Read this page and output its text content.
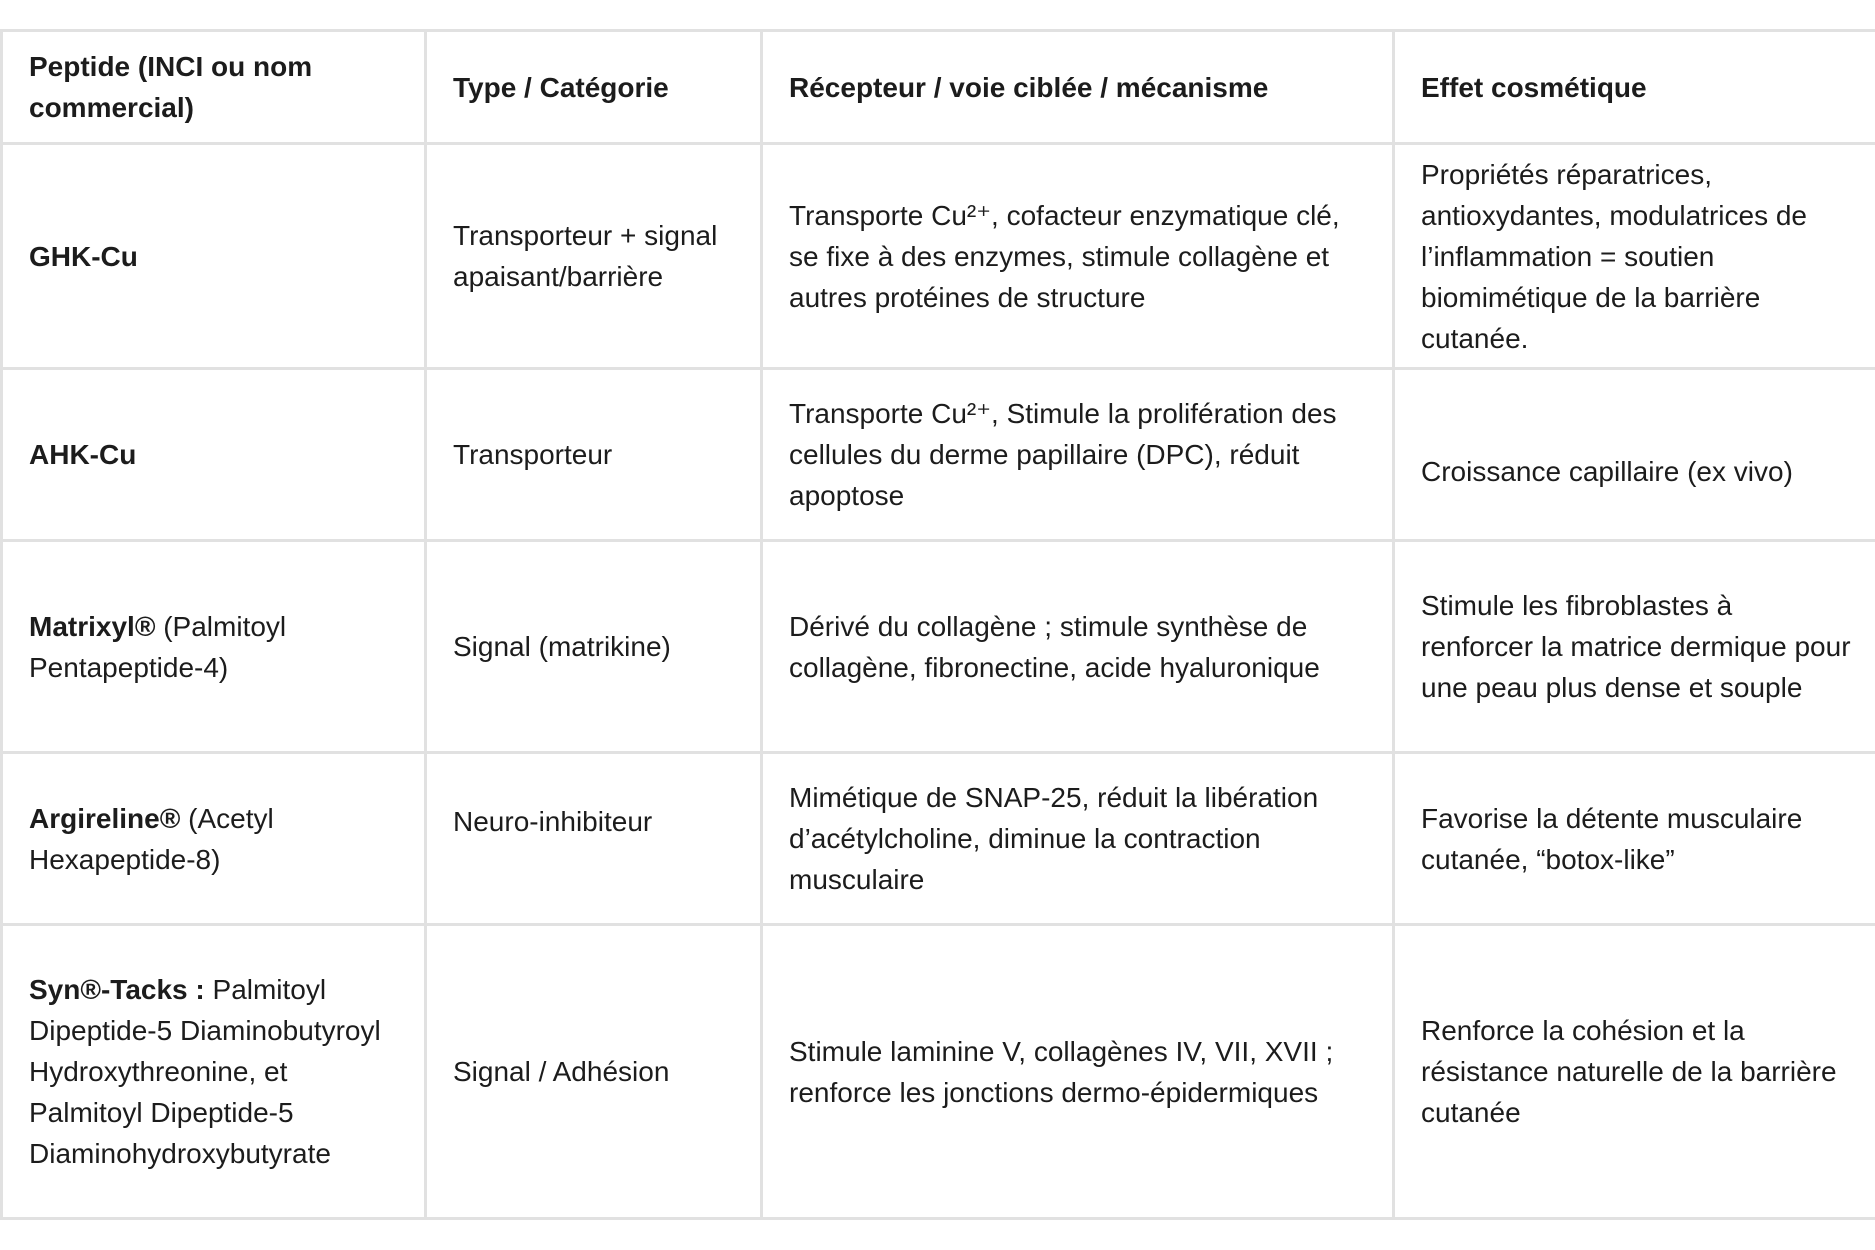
Peptide (INCI ou nom commercial)	Type / Catégorie	Récepteur / voie ciblée / mécanisme	Effet cosmétique
GHK-Cu	Transporteur + signal apaisant/barrière	Transporte Cu²⁺, cofacteur enzymatique clé, se fixe à des enzymes, stimule collagène et autres protéines de structure	Propriétés réparatrices, antioxydantes, modulatrices de l’inflammation = soutien biomimétique de la barrière cutanée.
AHK-Cu	Transporteur	Transporte Cu²⁺, Stimule la prolifération des cellules du derme papillaire (DPC), réduit apoptose	Croissance capillaire (ex vivo)
Matrixyl® (Palmitoyl Pentapeptide-4)	Signal (matrikine)	Dérivé du collagène ; stimule synthèse de collagène, fibronectine, acide hyaluronique	Stimule les fibroblastes à renforcer la matrice dermique pour une peau plus dense et souple
Argireline® (Acetyl Hexapeptide-8)	Neuro-inhibiteur	Mimétique de SNAP-25, réduit la libération d’acétylcholine, diminue la contraction musculaire	Favorise la détente musculaire cutanée, “botox-like”
Syn®-Tacks : Palmitoyl Dipeptide-5 Diaminobutyroyl Hydroxythreonine, et Palmitoyl Dipeptide-5 Diaminohydroxybutyrate	Signal / Adhésion	Stimule laminine V, collagènes IV, VII, XVII ; renforce les jonctions dermo-épidermiques	Renforce la cohésion et la résistance naturelle de la barrière cutanée
